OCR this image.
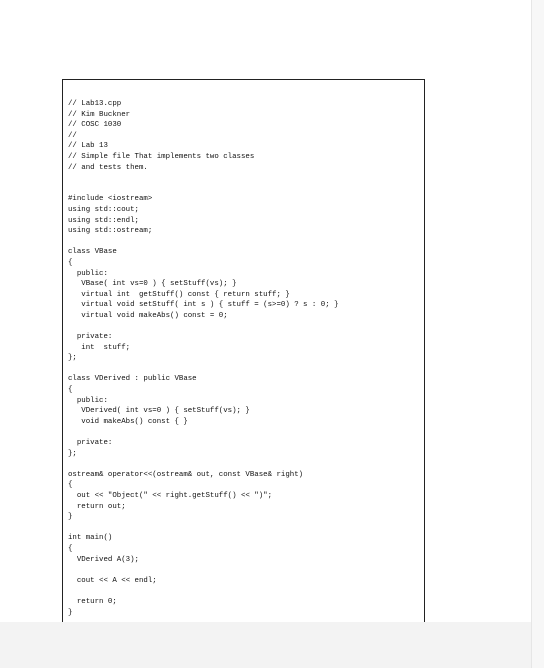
// Lab13.cpp
// Kim Buckner
// COSC 1030
//
// Lab 13
// Simple file That implements two classes
// and tests them.
#include <iostream>
using std::cout;
using std::endl;
using std::ostream;
class VBase
{
public:
VBase( int vs=0 ) { setStuff(vs); }
virtual int  getStuff() const { return stuff; }
virtual void setStuff( int s ) { stuff = (s>=0) ? s : 0; }
virtual void makeAbs() const = 0;
private:
int  stuff;
};
class VDerived : public VBase
{
public:
VDerived( int vs=0 ) { setStuff(vs); }
void makeAbs() const { }
private:
};
ostream& operator<<(ostream& out, const VBase& right)
{
out << "Object(" << right.getStuff() << ")";
return out;
}
int main()
{
VDerived A(3);
cout << A << endl;
return 0;
}
